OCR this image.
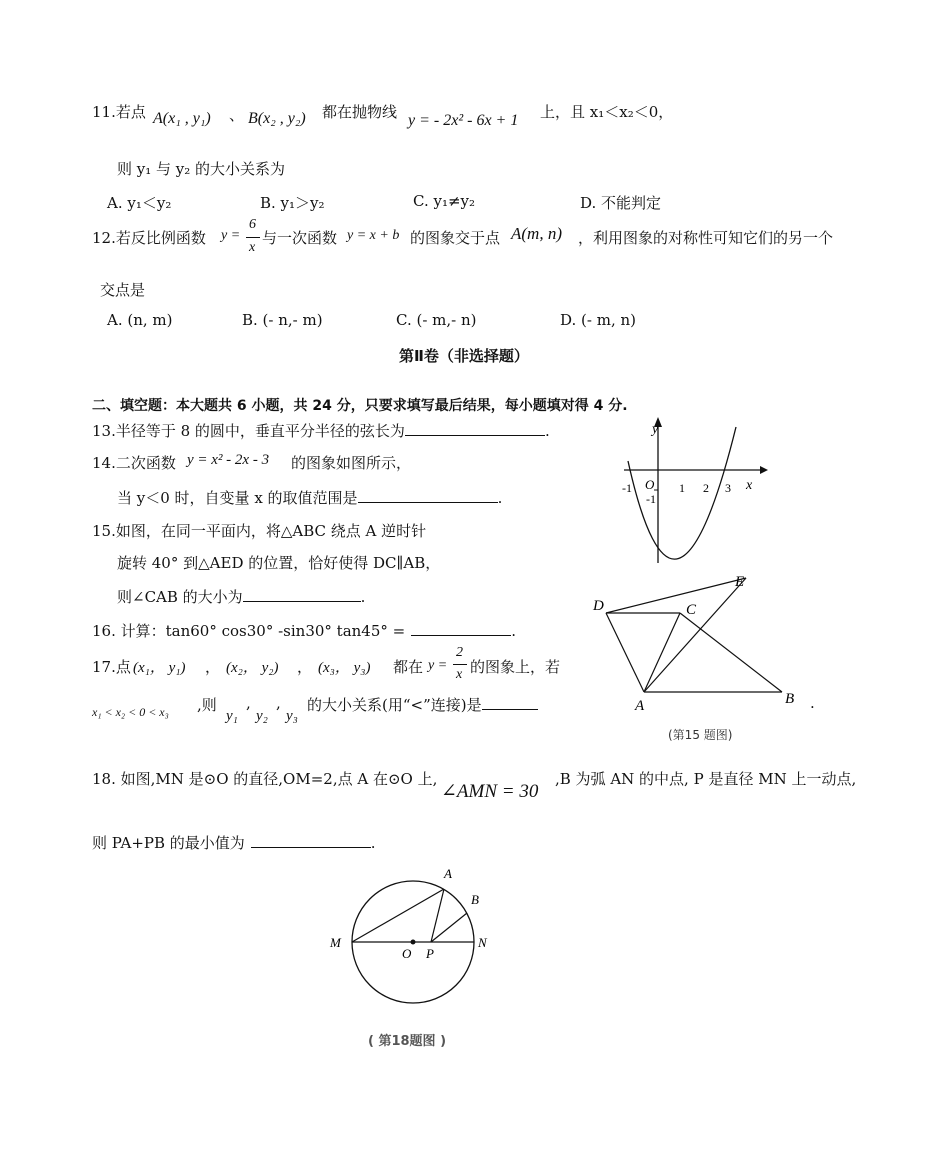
11.若点 A(x₁ , y₁) 、 B(x₂ , y₂) 都在抛物线 y = - 2x² - 6x + 1 上，且 x₁＜x₂＜0，
则 y₁ 与 y₂ 的大小关系为
A. y₁＜y₂	B. y₁＞y₂	C. y₁≠y₂	D. 不能判定
12.若反比例函数 y =
6
x
与一次函数 y = x + b 的图象交于点 A(m, n) ，利用图象的对称性可知它们的另一个
交点是
A. (n, m)	B. (- n,- m)	C. (- m,- n)	D. (- m, n)
第Ⅱ卷（非选择题）
二、填空题：本大题共 6 小题，共 24 分，只要求填写最后结果，每小题填对得 4 分.
13.半径等于 8 的圆中，垂直平分半径的弦长为	.
14.二次函数 y = x² - 2x - 3 的图象如图所示，
当 y＜0 时，自变量 x 的取值范围是	.
15.如图，在同一平面内，将△ABC 绕点 A 逆时针
旋转 40° 到△AED 的位置，恰好使得 DC∥AB，
则∠CAB 的大小为	.
16. 计算：tan60° cos30° -sin30° tan45° =	.
17.点 (x₁， y₁) ， (x₂， y₂) ， (x₃， y₃) 都在 y =
2
x 的图象上，若
x₁ < x₂ < 0 < x₃ ,则
y₁
,
y₂
,
y₃
的大小关系(用“<”连接)是	.
18. 如图,MN 是⊙O 的直径,OM=2,点 A 在⊙O 上,
∠AMN = 30
,B 为弧 AN 的中点, P 是直径 MN 上一动点,
则 PA+PB 的最小值为	.
y
x
O
-1	1 2 3
-1
D	C
E
A	B
(第15 题图)
A
B
M	N
O P
( 第18题图 )
